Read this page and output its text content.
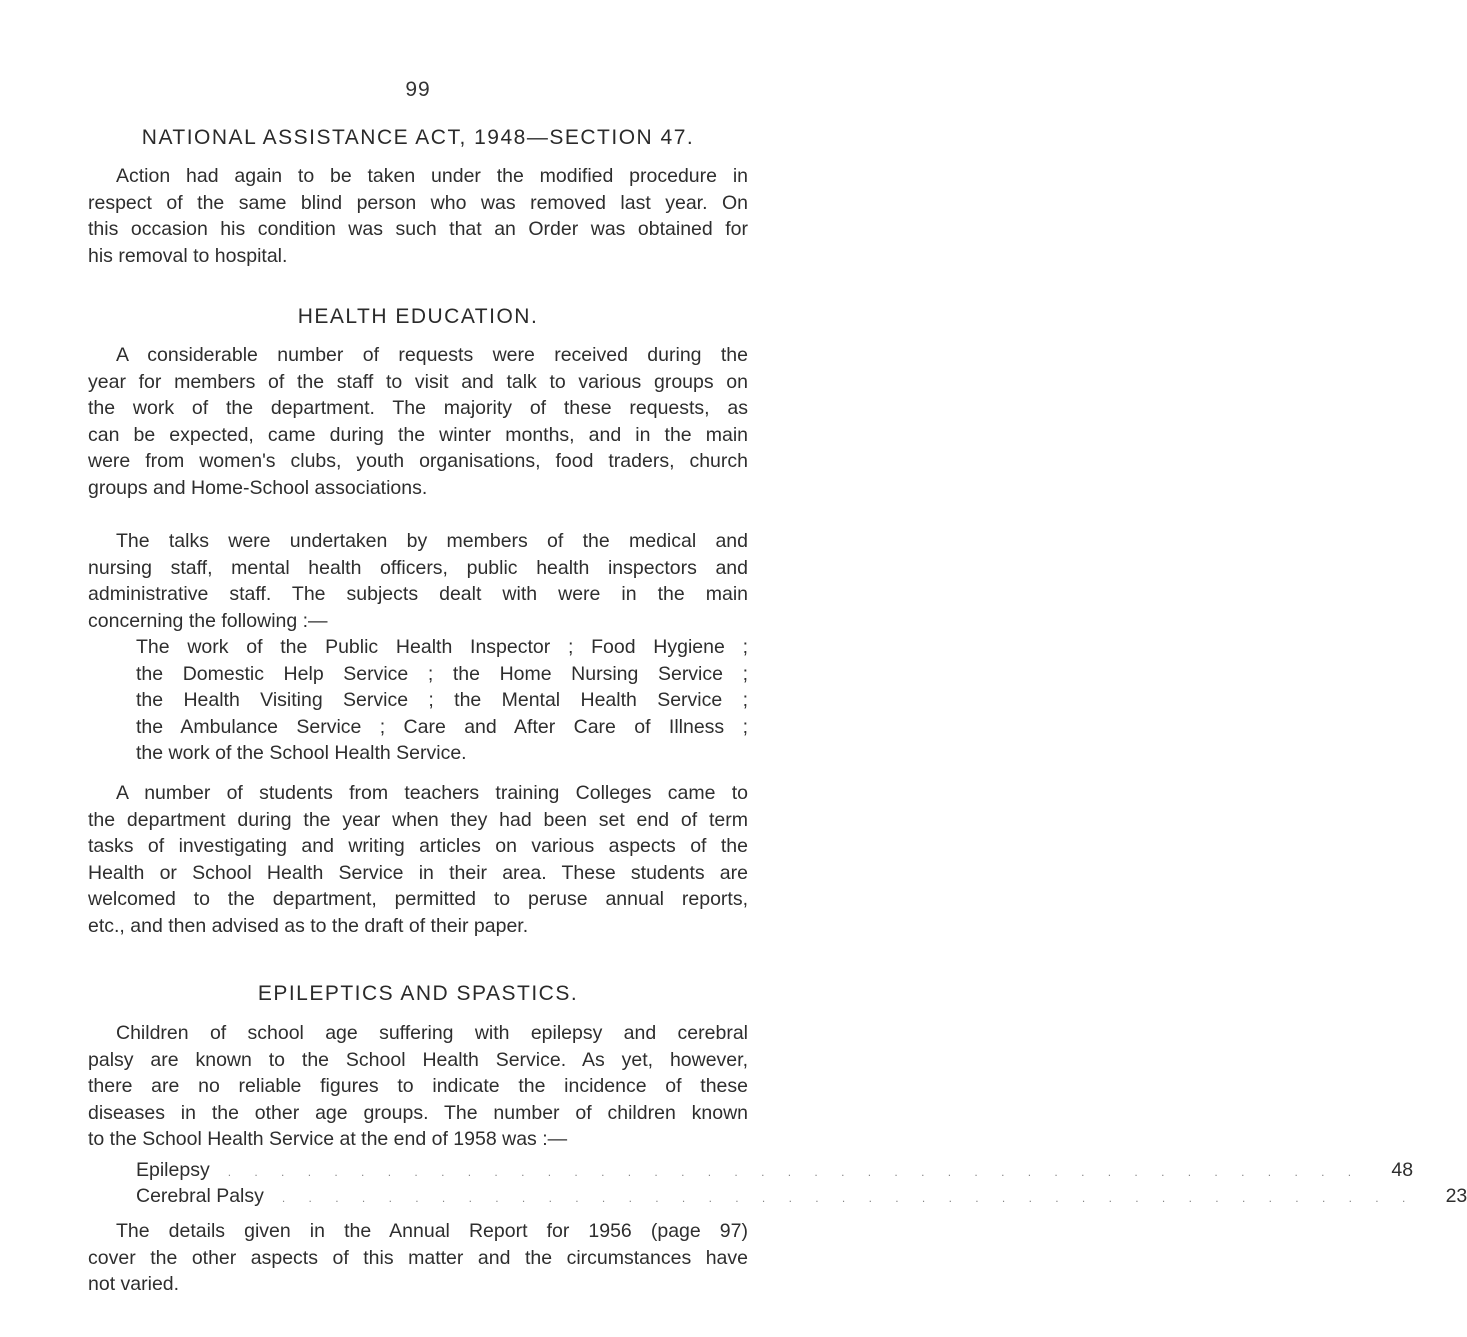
99
NATIONAL ASSISTANCE ACT, 1948—SECTION 47.

Action had again to be taken under the modified procedure in
respect of the same blind person who was removed last year. On
this occasion his condition was such that an Order was obtained for
his removal to hospital.

HEALTH EDUCATION.

A considerable number of requests were received during the
year for members of the staff to visit and talk to various groups on
the work of the department. The majority of these requests, as
can be expected, came during the winter months, and in the main
were from women's clubs, youth organisations, food traders, church
groups and Home-School associations.

The talks were undertaken by members of the medical and
nursing staff, mental health officers, public health inspectors and
administrative staff. The subjects dealt with were in the main
concerning the following :—

The work of the Public Health Inspector ; Food Hygiene ;
the Domestic Help Service ; the Home Nursing Service ;
the Health Visiting Service ; the Mental Health Service ;
the Ambulance Service ; Care and After Care of Illness ;
the work of the School Health Service.

A number of students from teachers training Colleges came to
the department during the year when they had been set end of term
tasks of investigating and writing articles on various aspects of the
Health or School Health Service in their area. These students are
welcomed to the department, permitted to peruse annual reports,
etc., and then advised as to the draft of their paper.

EPILEPTICS AND SPASTICS.

Children of school age suffering with epilepsy and cerebral
palsy are known to the School Health Service. As yet, however,
there are no reliable figures to indicate the incidence of these
diseases in the other age groups. The number of children known
to the School Health Service at the end of 1958 was :—

Epilepsy	. . . . . . . . . . . . . . . . . . . . . . . . . . . . . . . . . . . . . . . . . . .	48
Cerebral Palsy	. . . . . . . . . . . . . . . . . . . . . . . . . . . . . . . . . . . . . . . . . . .	23

The details given in the Annual Report for 1956 (page 97)
cover the other aspects of this matter and the circumstances have
not varied.
